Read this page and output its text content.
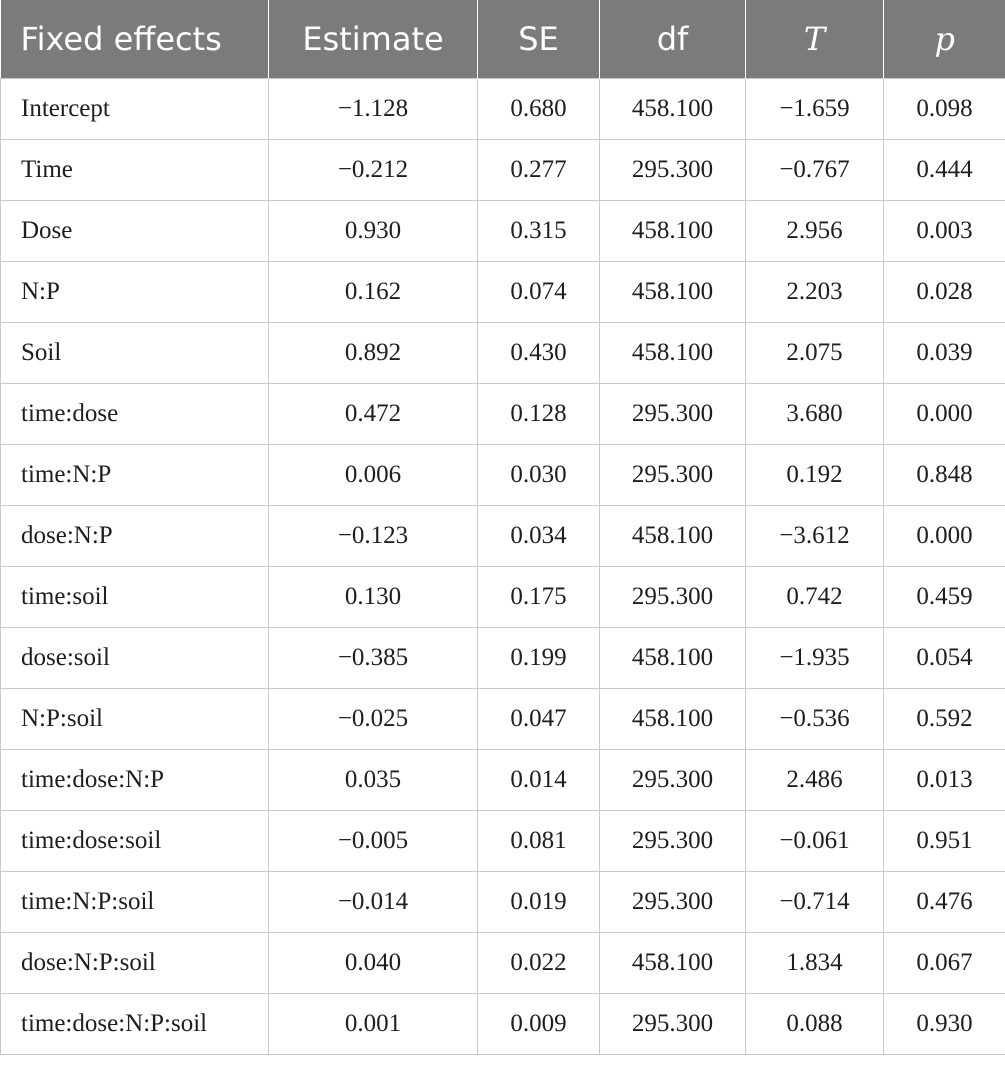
Fixed effects	Estimate	SE	df	T	p
Intercept	−1.128	0.680	458.100	−1.659	0.098
Time	−0.212	0.277	295.300	−0.767	0.444
Dose	0.930	0.315	458.100	2.956	0.003
N:P	0.162	0.074	458.100	2.203	0.028
Soil	0.892	0.430	458.100	2.075	0.039
time:dose	0.472	0.128	295.300	3.680	0.000
time:N:P	0.006	0.030	295.300	0.192	0.848
dose:N:P	−0.123	0.034	458.100	−3.612	0.000
time:soil	0.130	0.175	295.300	0.742	0.459
dose:soil	−0.385	0.199	458.100	−1.935	0.054
N:P:soil	−0.025	0.047	458.100	−0.536	0.592
time:dose:N:P	0.035	0.014	295.300	2.486	0.013
time:dose:soil	−0.005	0.081	295.300	−0.061	0.951
time:N:P:soil	−0.014	0.019	295.300	−0.714	0.476
dose:N:P:soil	0.040	0.022	458.100	1.834	0.067
time:dose:N:P:soil	0.001	0.009	295.300	0.088	0.930
